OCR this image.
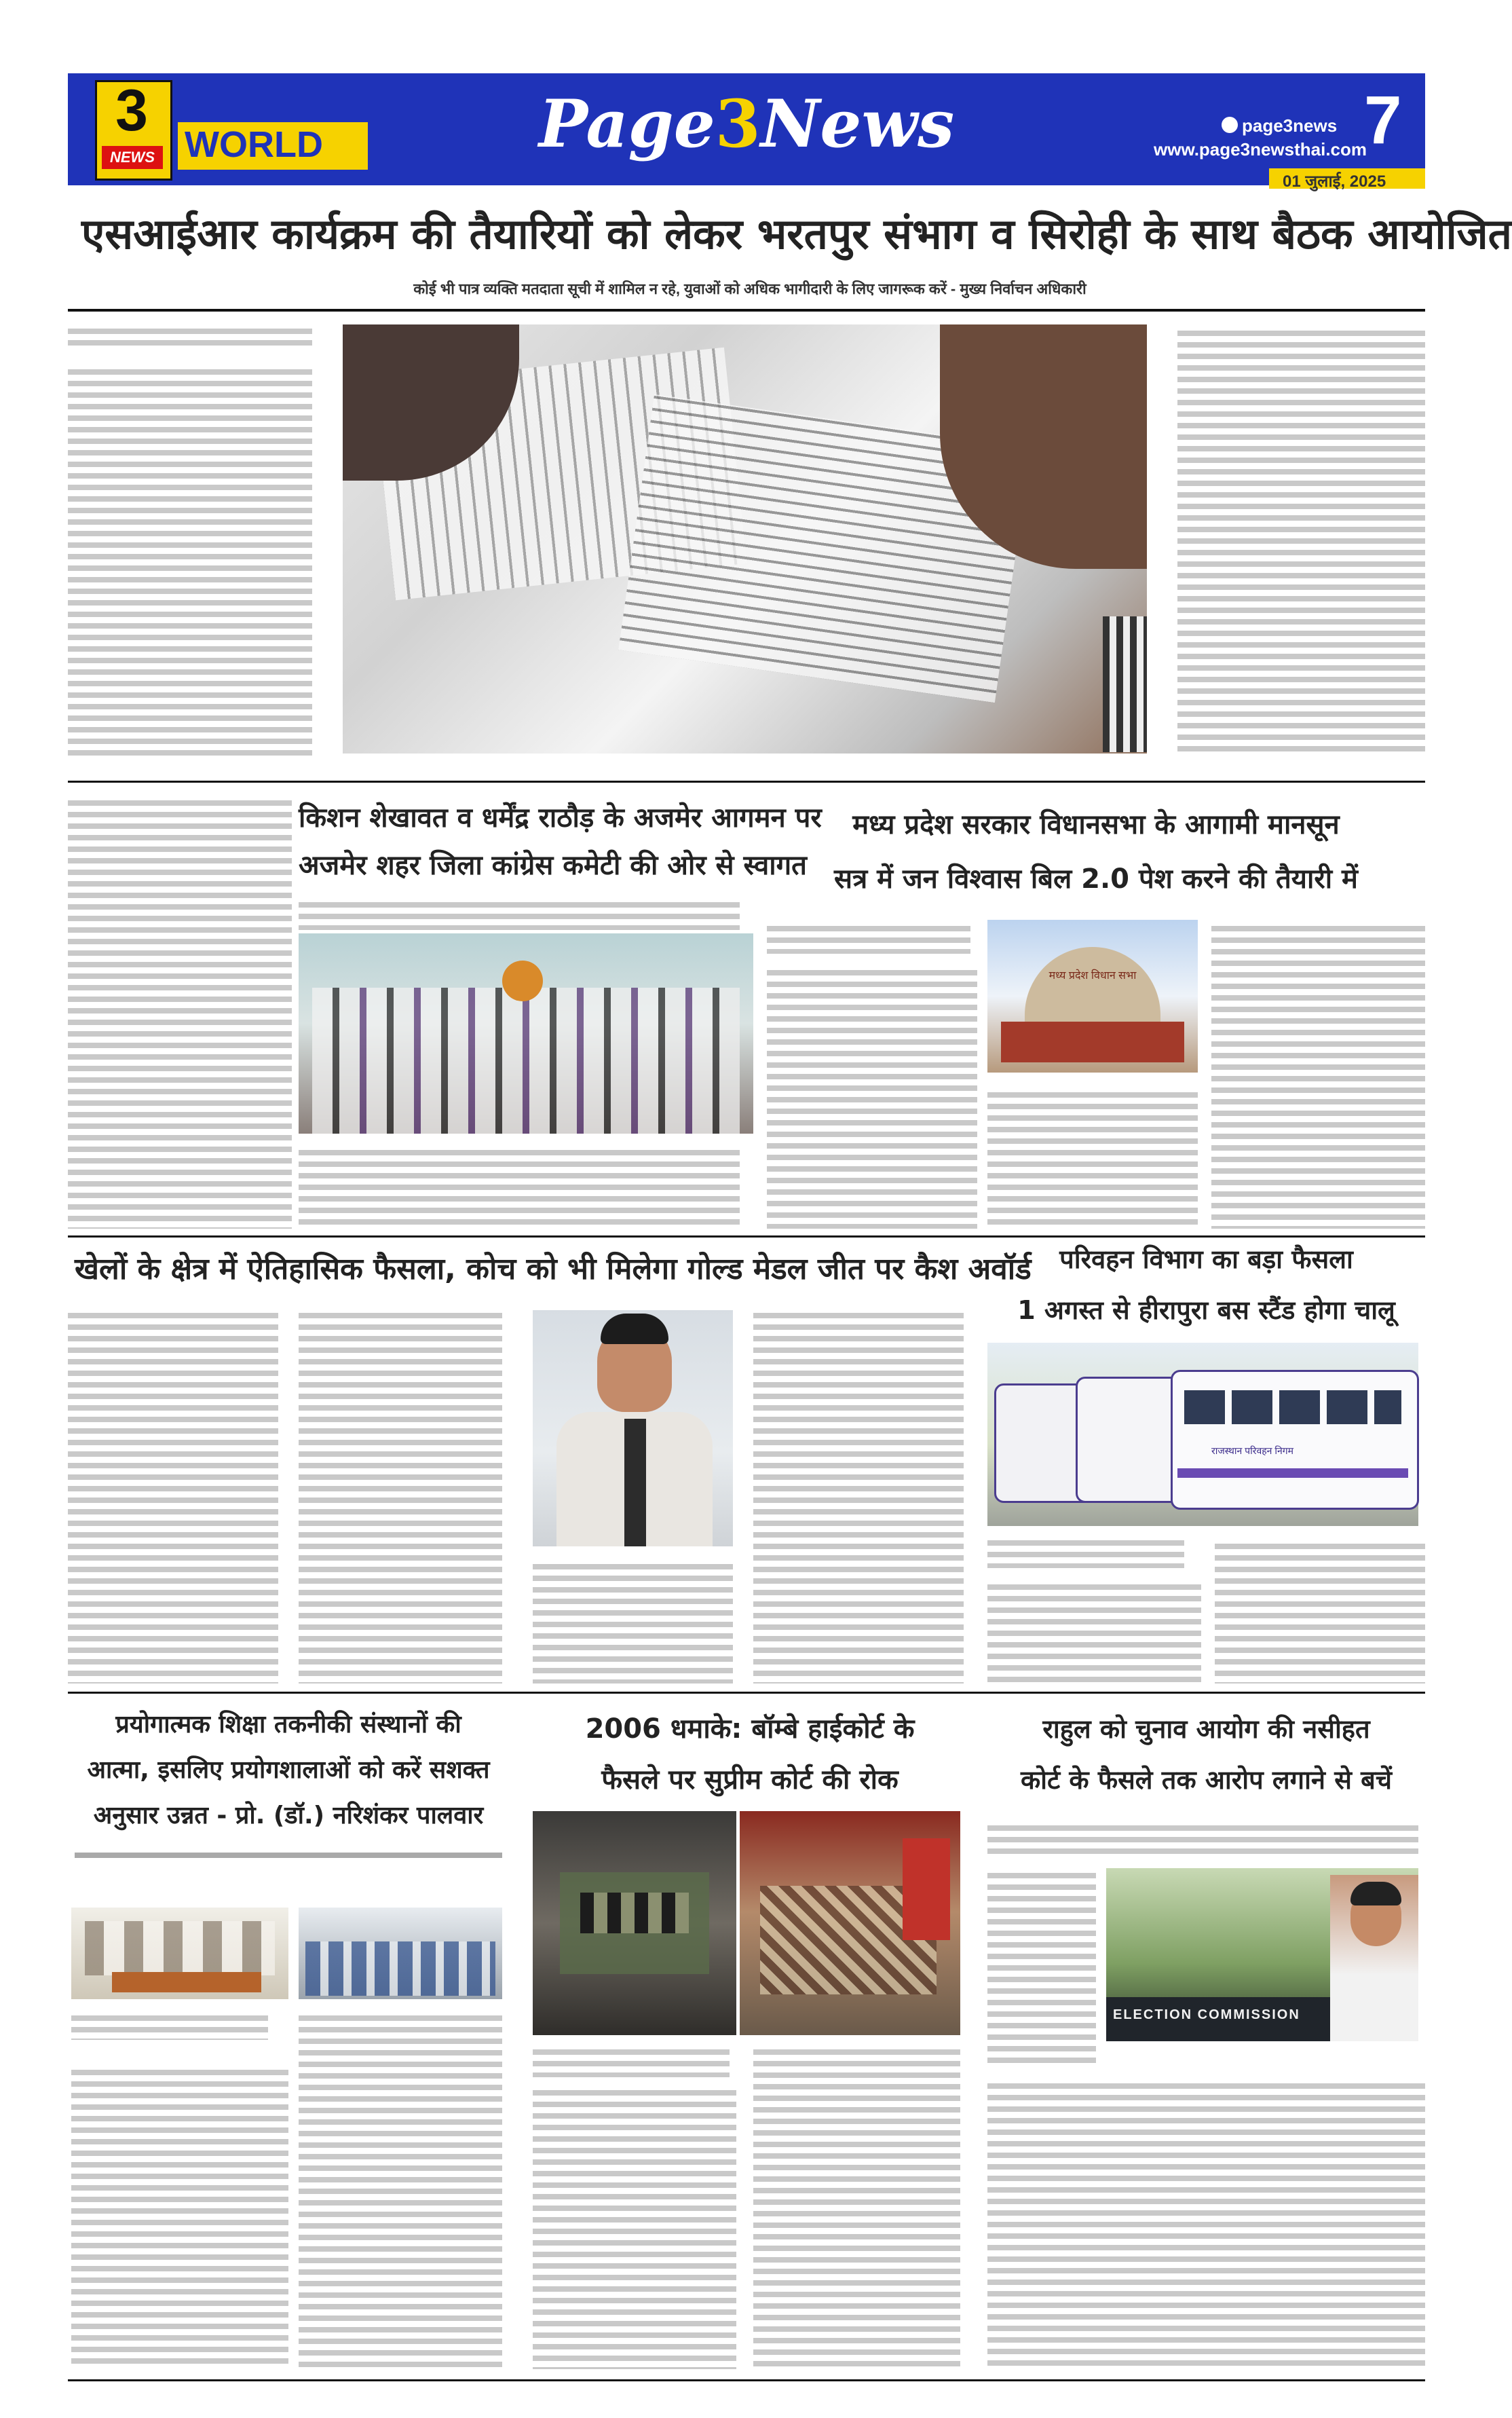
3
NEWS WORLD	Page3News	page3news
www.page3newsthai.com
7
01 जुलाई, 2025
एसआईआर कार्यक्रम की तैयारियों को लेकर भरतपुर संभाग व सिरोही के साथ बैठक आयोजित
कोई भी पात्र व्यक्ति मतदाता सूची में शामिल न रहे, युवाओं को अधिक भागीदारी के लिए जागरूक करें - मुख्य निर्वाचन अधिकारी
किशन शेखावत व धर्मेंद्र राठौड़ के अजमेर आगमन पर
अजमेर शहर जिला कांग्रेस कमेटी की ओर से स्वागत
मध्य प्रदेश सरकार विधानसभा के आगामी मानसून
सत्र में जन विश्वास बिल 2.0 पेश करने की तैयारी में
मध्य प्रदेश विधान सभा
खेलों के क्षेत्र में ऐतिहासिक फैसला, कोच को भी मिलेगा गोल्ड मेडल जीत पर कैश अवॉर्ड	परिवहन विभाग का बड़ा फैसला
1 अगस्त से हीरापुरा बस स्टैंड होगा चालू
राजस्थान परिवहन निगम
प्रयोगात्मक शिक्षा तकनीकी संस्थानों की
आत्मा, इसलिए प्रयोगशालाओं को करें सशक्त
अनुसार उन्नत - प्रो. (डॉ.) नरिशंकर पालवार
2006 धमाके: बॉम्बे हाईकोर्ट के
फैसले पर सुप्रीम कोर्ट की रोक
राहुल को चुनाव आयोग की नसीहत
कोर्ट के फैसले तक आरोप लगाने से बचें
ELECTION COMMISSION
